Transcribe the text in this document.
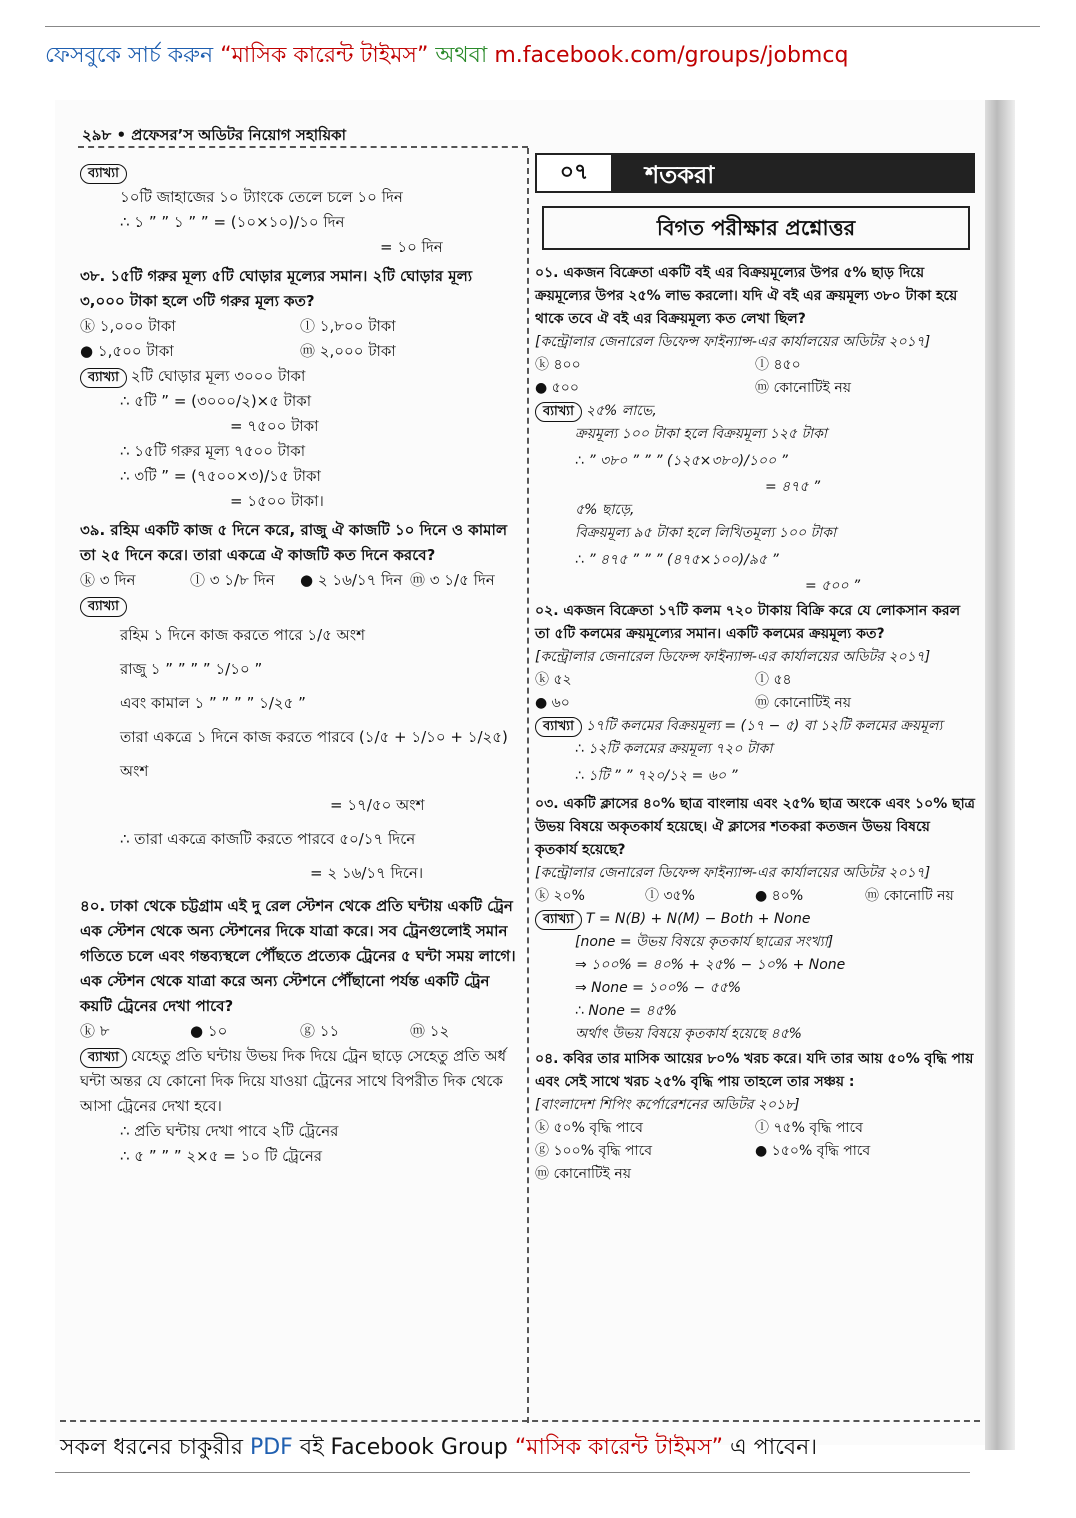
ফেসবুকে সার্চ করুন “মাসিক কারেন্ট টাইমস” অথবা m.facebook.com/groups/jobmcq
২৯৮ • প্রফেসর’স অডিটর নিয়োগ সহায়িকা

ব্যাখ্যা

১০টি জাহাজের ১০ ট্যাংকে তেলে চলে ১০ দিন

∴ ১ ” ” ১ ” ” = (১০×১০)/১০ দিন

= ১০ দিন

৩৮. ১৫টি গরুর মূল্য ৫টি ঘোড়ার মূল্যের সমান। ২টি ঘোড়ার মূল্য ৩,০০০ টাকা হলে ৩টি গরুর মূল্য কত?

ⓚ ১,০০০ টাকা	ⓛ ১,৮০০ টাকা
● ১,৫০০ টাকা	ⓜ ২,০০০ টাকা

ব্যাখ্যা ২টি ঘোড়ার মূল্য ৩০০০ টাকা

∴ ৫টি ” = (৩০০০/২)×৫ টাকা

= ৭৫০০ টাকা

∴ ১৫টি গরুর মূল্য ৭৫০০ টাকা

∴ ৩টি ” = (৭৫০০×৩)/১৫ টাকা

= ১৫০০ টাকা।

৩৯. রহিম একটি কাজ ৫ দিনে করে, রাজু ঐ কাজটি ১০ দিনে ও কামাল তা ২৫ দিনে করে। তারা একত্রে ঐ কাজটি কত দিনে করবে?

ⓚ ৩ দিন	ⓛ ৩ ১/৮ দিন	● ২ ১৬/১৭ দিন ⓜ ৩ ১/৫ দিন

ব্যাখ্যা

রহিম ১ দিনে কাজ করতে পারে ১/৫ অংশ

রাজু ১ ” ” ” ” ১/১০ ”

এবং কামাল ১ ” ” ” ” ১/২৫ ”

তারা একত্রে ১ দিনে কাজ করতে পারবে (১/৫ + ১/১০ + ১/২৫) অংশ

= ১৭/৫০ অংশ

∴ তারা একত্রে কাজটি করতে পারবে ৫০/১৭ দিনে

= ২ ১৬/১৭ দিনে।

৪০. ঢাকা থেকে চট্টগ্রাম এই দু রেল স্টেশন থেকে প্রতি ঘন্টায় একটি ট্রেন এক স্টেশন থেকে অন্য স্টেশনের দিকে যাত্রা করে। সব ট্রেনগুলোই সমান গতিতে চলে এবং গন্তব্যস্থলে পৌঁছতে প্রত্যেক ট্রেনের ৫ ঘন্টা সময় লাগে। এক স্টেশন থেকে যাত্রা করে অন্য স্টেশনে পৌঁছানো পর্যন্ত একটি ট্রেন কয়টি ট্রেনের দেখা পাবে?

ⓚ ৮	● ১০	ⓖ ১১	ⓜ ১২

ব্যাখ্যা যেহেতু প্রতি ঘন্টায় উভয় দিক দিয়ে ট্রেন ছাড়ে সেহেতু প্রতি অর্ধ ঘন্টা অন্তর যে কোনো দিক দিয়ে যাওয়া ট্রেনের সাথে বিপরীত দিক থেকে আসা ট্রেনের দেখা হবে।

∴ প্রতি ঘন্টায় দেখা পাবে ২টি ট্রেনের

∴ ৫ ” ” ” ২×৫ = ১০ টি ট্রেনের

০৭	শতকরা
বিগত পরীক্ষার প্রশ্নোত্তর

০১. একজন বিক্রেতা একটি বই এর বিক্রয়মূল্যের উপর ৫% ছাড় দিয়ে ক্রয়মূল্যের উপর ২৫% লাভ করলো। যদি ঐ বই এর ক্রয়মূল্য ৩৮০ টাকা হয়ে থাকে তবে ঐ বই এর বিক্রয়মূল্য কত লেখা ছিল?

[কন্ট্রোলার জেনারেল ডিফেন্স ফাইন্যান্স-এর কার্যালয়ের অডিটর ২০১৭]

ⓚ ৪০০	ⓛ ৪৫০
● ৫০০	ⓜ কোনোটিই নয়

ব্যাখ্যা ২৫% লাভে,

ক্রয়মূল্য ১০০ টাকা হলে বিক্রয়মূল্য ১২৫ টাকা

∴ ” ৩৮০ ” ” ” (১২৫×৩৮০)/১০০ ”

= ৪৭৫ ”

৫% ছাড়ে,

বিক্রয়মূল্য ৯৫ টাকা হলে লিখিতমূল্য ১০০ টাকা

∴ ” ৪৭৫ ” ” ” (৪৭৫×১০০)/৯৫ ”

= ৫০০ ”

০২. একজন বিক্রেতা ১৭টি কলম ৭২০ টাকায় বিক্রি করে যে লোকসান করল তা ৫টি কলমের ক্রয়মূল্যের সমান। একটি কলমের ক্রয়মূল্য কত?

[কন্ট্রোলার জেনারেল ডিফেন্স ফাইন্যান্স-এর কার্যালয়ের অডিটর ২০১৭]

ⓚ ৫২	ⓛ ৫৪
● ৬০	ⓜ কোনোটিই নয়

ব্যাখ্যা ১৭টি কলমের বিক্রয়মূল্য = (১৭ − ৫) বা ১২টি কলমের ক্রয়মূল্য

∴ ১২টি কলমের ক্রয়মূল্য ৭২০ টাকা

∴ ১টি ” ” ৭২০/১২ = ৬০ ”

০৩. একটি ক্লাসের ৪০% ছাত্র বাংলায় এবং ২৫% ছাত্র অংকে এবং ১০% ছাত্র উভয় বিষয়ে অকৃতকার্য হয়েছে। ঐ ক্লাসের শতকরা কতজন উভয় বিষয়ে কৃতকার্য হয়েছে?

[কন্ট্রোলার জেনারেল ডিফেন্স ফাইন্যান্স-এর কার্যালয়ের অডিটর ২০১৭]

ⓚ ২০%	ⓛ ৩৫%	● ৪০%	ⓜ কোনোটি নয়

ব্যাখ্যা T = N(B) + N(M) − Both + None

[none = উভয় বিষয়ে কৃতকার্য ছাত্রের সংখ্যা]

⇒ ১০০% = ৪০% + ২৫% − ১০% + None

⇒ None = ১০০% − ৫৫%

∴ None = ৪৫%

অর্থাৎ উভয় বিষয়ে কৃতকার্য হয়েছে ৪৫%

০৪. কবির তার মাসিক আয়ের ৮০% খরচ করে। যদি তার আয় ৫০% বৃদ্ধি পায় এবং সেই সাথে খরচ ২৫% বৃদ্ধি পায় তাহলে তার সঞ্চয় :

[বাংলাদেশ শিপিং কর্পোরেশনের অডিটর ২০১৮]

ⓚ ৫০% বৃদ্ধি পাবে	ⓛ ৭৫% বৃদ্ধি পাবে
ⓖ ১০০% বৃদ্ধি পাবে	● ১৫০% বৃদ্ধি পাবে
ⓜ কোনোটিই নয়
সকল ধরনের চাকুরীর PDF বই Facebook Group “মাসিক কারেন্ট টাইমস” এ পাবেন।
